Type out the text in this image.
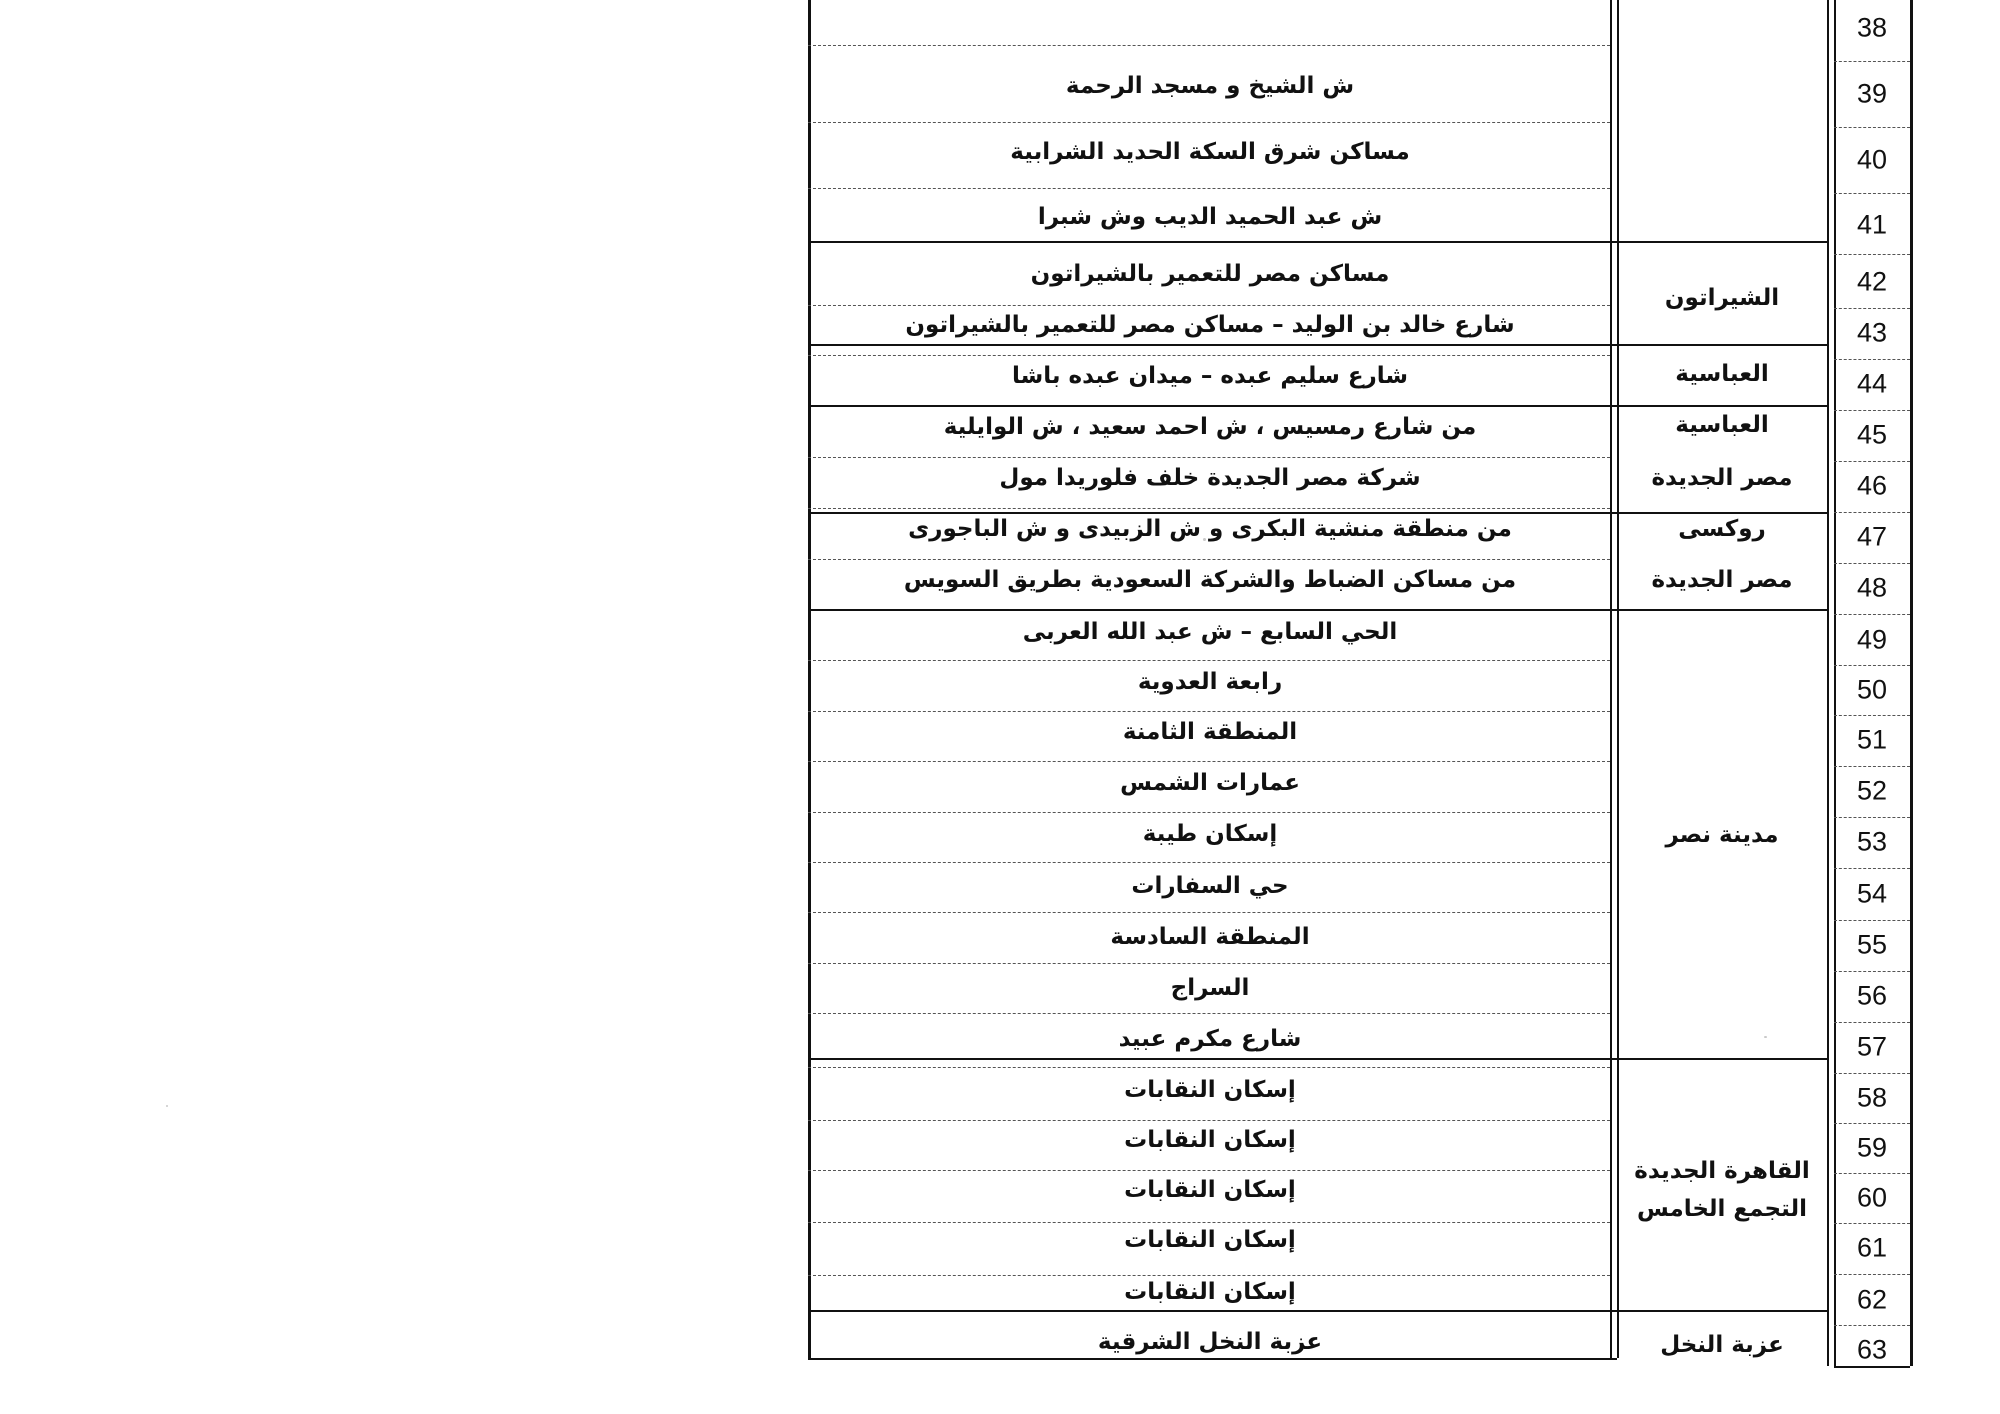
38
39
ش الشيخ و مسجد الرحمة
40
مساكن شرق السكة الحديد الشرابية
41
ش عبد الحميد الديب وش شبرا
42
مساكن مصر للتعمير بالشيراتون
43
شارع خالد بن الوليد – مساكن مصر للتعمير بالشيراتون
44
شارع سليم عبده – ميدان عبده باشا
45
من شارع رمسيس ، ش احمد سعيد ، ش الوايلية
46
شركة مصر الجديدة خلف فلوريدا مول
47
من منطقة منشية البكرى و ش الزبيدى و ش الباجورى
48
من مساكن الضباط والشركة السعودية بطريق السويس
49
الحي السابع – ش عبد الله العربى
50
رابعة العدوية
51
المنطقة الثامنة
52
عمارات الشمس
53
إسكان طيبة
54
حي السفارات
55
المنطقة السادسة
56
السراج
57
شارع مكرم عبيد
58
إسكان النقابات
59
إسكان النقابات
60
إسكان النقابات
61
إسكان النقابات
62
إسكان النقابات
63
عزبة النخل الشرقية
الشيراتون
العباسية
العباسية
مصر الجديدة
روكسى
مصر الجديدة
مدينة نصر
القاهرة الجديدة
التجمع الخامس
عزبة النخل
